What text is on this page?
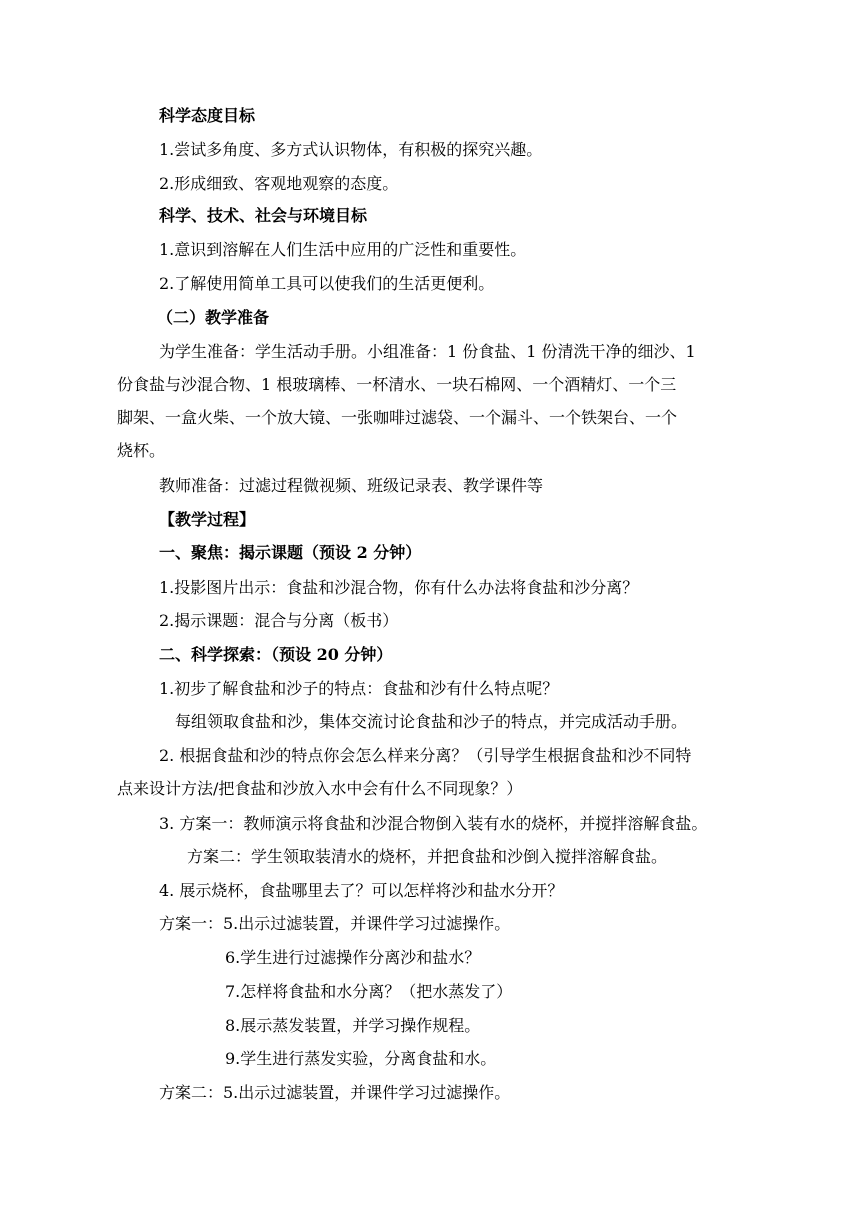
科学态度目标
1.尝试多角度、多方式认识物体，有积极的探究兴趣。
2.形成细致、客观地观察的态度。
科学、技术、社会与环境目标
1.意识到溶解在人们生活中应用的广泛性和重要性。
2.了解使用简单工具可以使我们的生活更便利。
（二）教学准备
为学生准备：学生活动手册。小组准备：1 份食盐、1 份清洗干净的细沙、1
份食盐与沙混合物、1 根玻璃棒、一杯清水、一块石棉网、一个酒精灯、一个三
脚架、一盒火柴、一个放大镜、一张咖啡过滤袋、一个漏斗、一个铁架台、一个
烧杯。
教师准备：过滤过程微视频、班级记录表、教学课件等
【教学过程】
一、聚焦：揭示课题（预设 2 分钟）
1.投影图片出示：食盐和沙混合物，你有什么办法将食盐和沙分离？
2.揭示课题：混合与分离（板书）
二、科学探索：（预设 20 分钟）
1.初步了解食盐和沙子的特点：食盐和沙有什么特点呢？
每组领取食盐和沙，集体交流讨论食盐和沙子的特点，并完成活动手册。
2. 根据食盐和沙的特点你会怎么样来分离？（引导学生根据食盐和沙不同特
点来设计方法/把食盐和沙放入水中会有什么不同现象？）
3. 方案一：教师演示将食盐和沙混合物倒入装有水的烧杯，并搅拌溶解食盐。
方案二：学生领取装清水的烧杯，并把食盐和沙倒入搅拌溶解食盐。
4. 展示烧杯，食盐哪里去了？可以怎样将沙和盐水分开？
方案一：5.出示过滤装置，并课件学习过滤操作。
6.学生进行过滤操作分离沙和盐水？
7.怎样将食盐和水分离？（把水蒸发了）
8.展示蒸发装置，并学习操作规程。
9.学生进行蒸发实验，分离食盐和水。
方案二：5.出示过滤装置，并课件学习过滤操作。
